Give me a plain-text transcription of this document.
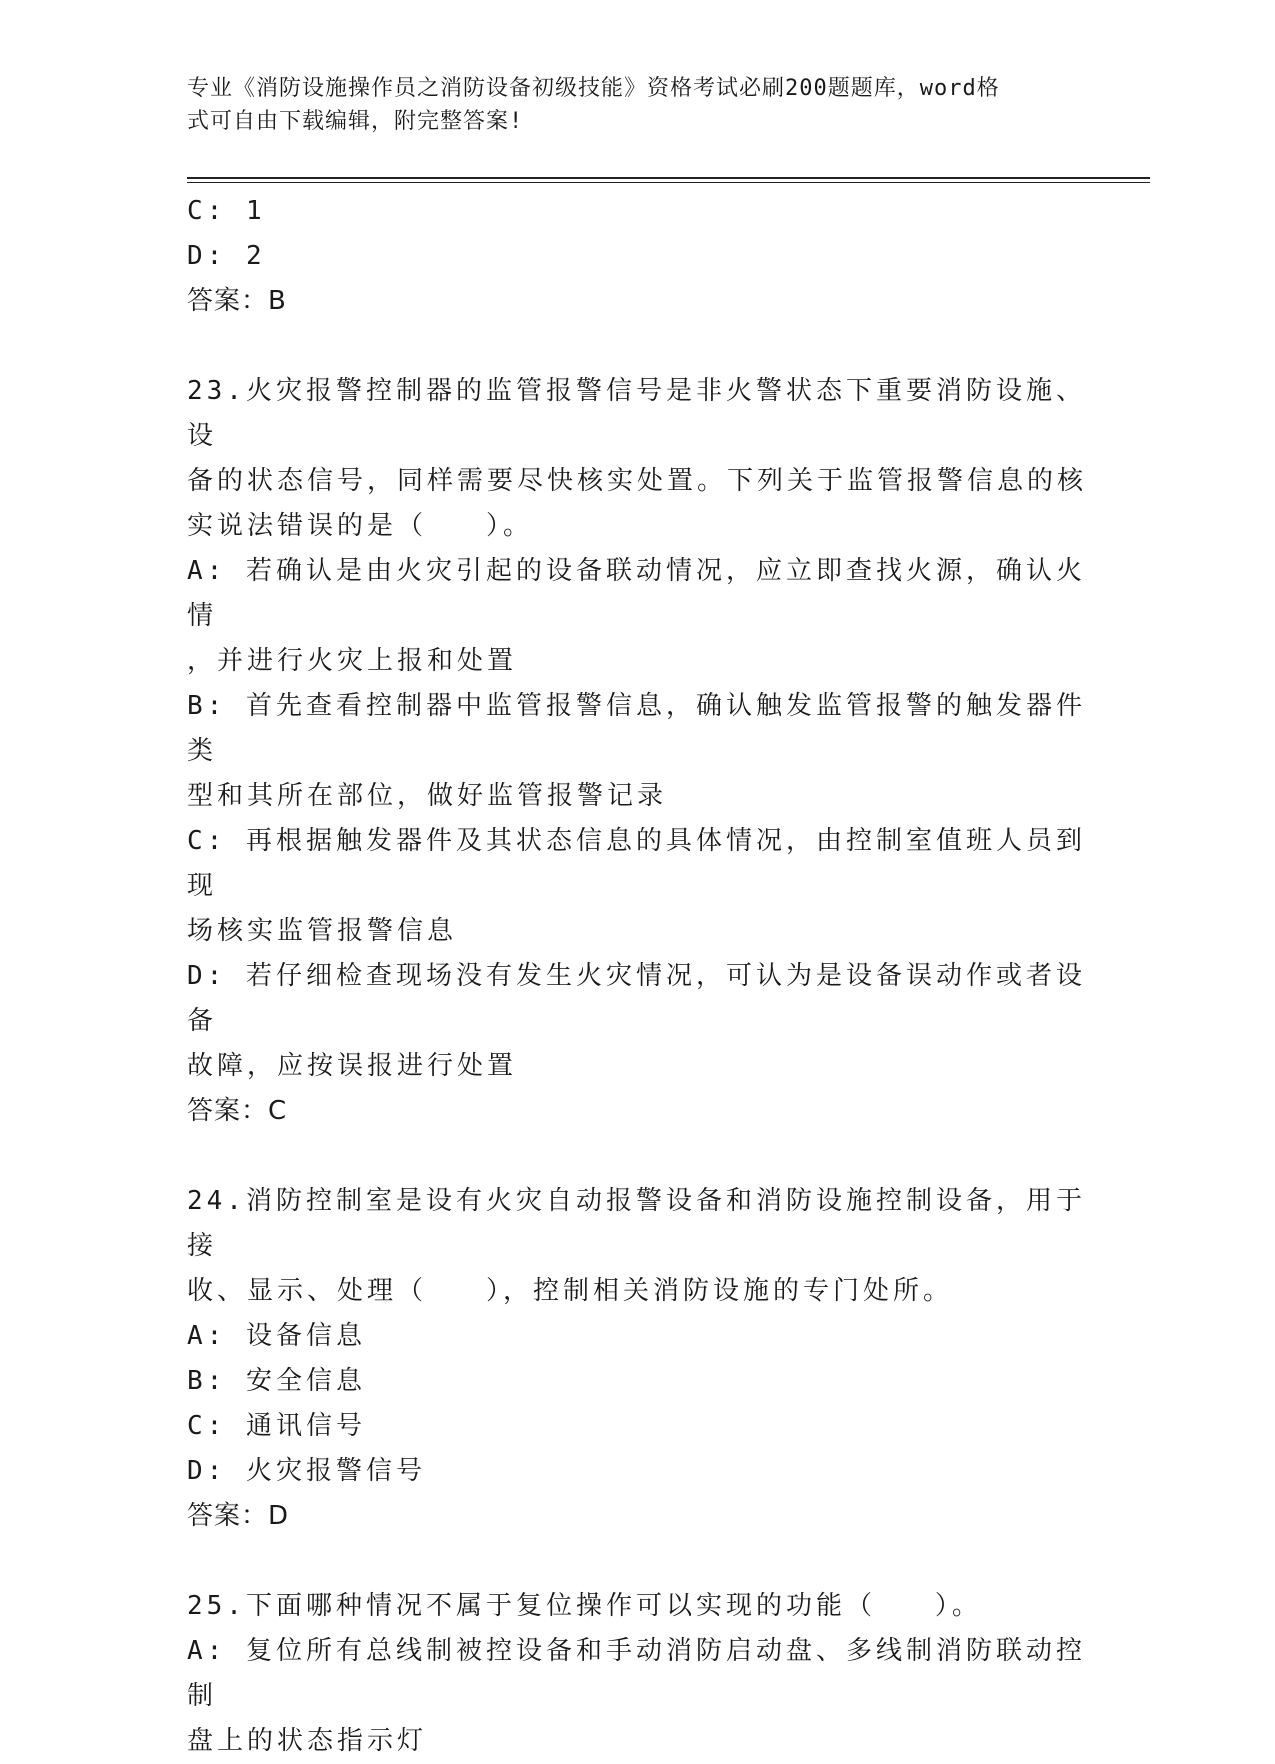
专业《消防设施操作员之消防设备初级技能》资格考试必刷200题题库，word格
式可自由下载编辑，附完整答案!
C: 1
D: 2
答案：B
23.火灾报警控制器的监管报警信号是非火警状态下重要消防设施、设
备的状态信号，同样需要尽快核实处置。下列关于监管报警信息的核
实说法错误的是（   ）。
A: 若确认是由火灾引起的设备联动情况，应立即查找火源，确认火情
，并进行火灾上报和处置
B: 首先查看控制器中监管报警信息，确认触发监管报警的触发器件类
型和其所在部位，做好监管报警记录
C: 再根据触发器件及其状态信息的具体情况，由控制室值班人员到现
场核实监管报警信息
D: 若仔细检查现场没有发生火灾情况，可认为是设备误动作或者设备
故障，应按误报进行处置
答案：C
24.消防控制室是设有火灾自动报警设备和消防设施控制设备，用于接
收、显示、处理（   ），控制相关消防设施的专门处所。
A: 设备信息
B: 安全信息
C: 通讯信号
D: 火灾报警信号
答案：D
25.下面哪种情况不属于复位操作可以实现的功能（   ）。
A: 复位所有总线制被控设备和手动消防启动盘、多线制消防联动控制
盘上的状态指示灯
